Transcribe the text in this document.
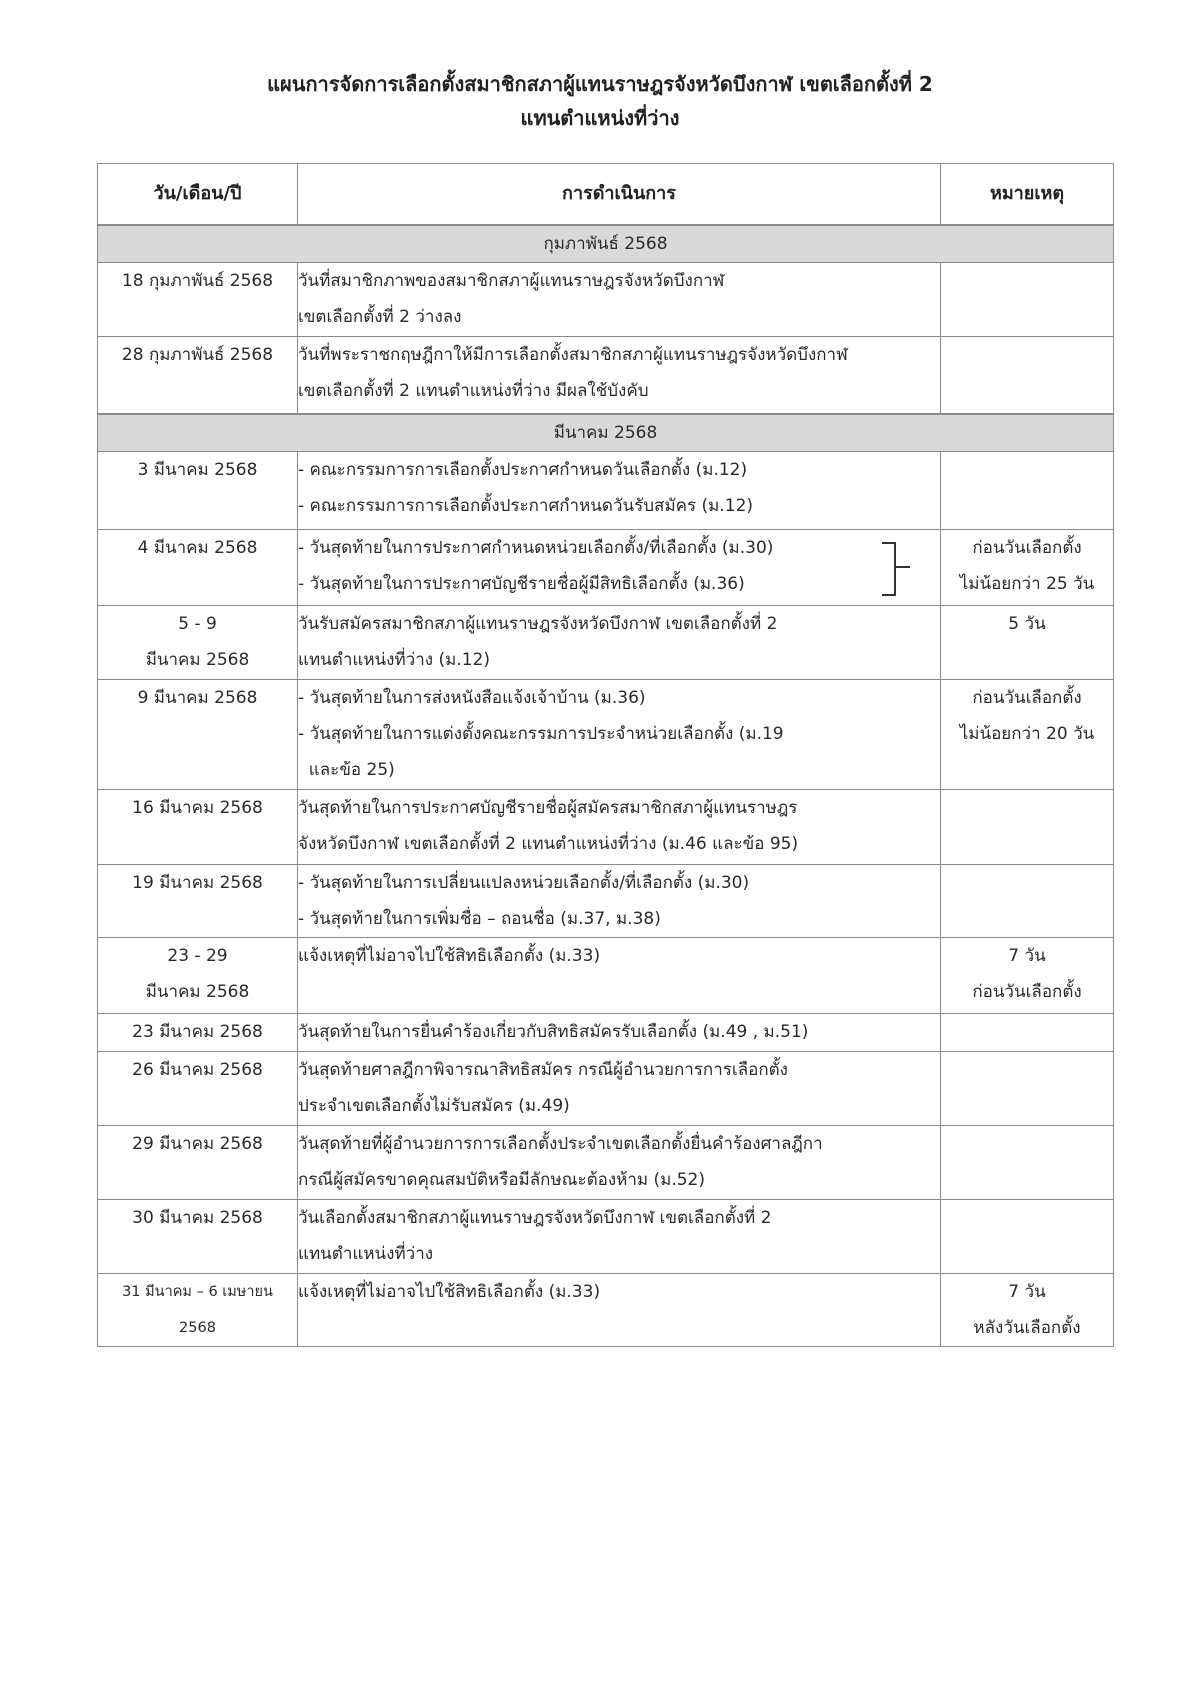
แผนการจัดการเลือกตั้งสมาชิกสภาผู้แทนราษฎรจังหวัดบึงกาฬ เขตเลือกตั้งที่ 2
แทนตำแหน่งที่ว่าง
วัน/เดือน/ปี	การดำเนินการ	หมายเหตุ
กุมภาพันธ์ 2568		

18 กุมภาพันธ์ 2568	วันที่สมาชิกภาพของสมาชิกสภาผู้แทนราษฎรจังหวัดบึงกาฬ
เขตเลือกตั้งที่ 2 ว่างลง	

28 กุมภาพันธ์ 2568	วันที่พระราชกฤษฎีกาให้มีการเลือกตั้งสมาชิกสภาผู้แทนราษฎรจังหวัดบึงกาฬ
เขตเลือกตั้งที่ 2 แทนตำแหน่งที่ว่าง มีผลใช้บังคับ	

มีนาคม 2568		

3 มีนาคม 2568	- คณะกรรมการการเลือกตั้งประกาศกำหนดวันเลือกตั้ง (ม.12)
- คณะกรรมการการเลือกตั้งประกาศกำหนดวันรับสมัคร (ม.12)	

4 มีนาคม 2568	- วันสุดท้ายในการประกาศกำหนดหน่วยเลือกตั้ง/ที่เลือกตั้ง (ม.30)
- วันสุดท้ายในการประกาศบัญชีรายชื่อผู้มีสิทธิเลือกตั้ง (ม.36)	ก่อนวันเลือกตั้ง
ไม่น้อยกว่า 25 วัน

5 - 9
มีนาคม 2568	วันรับสมัครสมาชิกสภาผู้แทนราษฎรจังหวัดบึงกาฬ เขตเลือกตั้งที่ 2
แทนตำแหน่งที่ว่าง (ม.12)	5 วัน

9 มีนาคม 2568	- วันสุดท้ายในการส่งหนังสือแจ้งเจ้าบ้าน (ม.36)
- วันสุดท้ายในการแต่งตั้งคณะกรรมการประจำหน่วยเลือกตั้ง (ม.19
และข้อ 25)	ก่อนวันเลือกตั้ง
ไม่น้อยกว่า 20 วัน

16 มีนาคม 2568	วันสุดท้ายในการประกาศบัญชีรายชื่อผู้สมัครสมาชิกสภาผู้แทนราษฎร
จังหวัดบึงกาฬ เขตเลือกตั้งที่ 2 แทนตำแหน่งที่ว่าง (ม.46 และข้อ 95)	

19 มีนาคม 2568	- วันสุดท้ายในการเปลี่ยนแปลงหน่วยเลือกตั้ง/ที่เลือกตั้ง (ม.30)
- วันสุดท้ายในการเพิ่มชื่อ – ถอนชื่อ (ม.37, ม.38)	

23 - 29
มีนาคม 2568	แจ้งเหตุที่ไม่อาจไปใช้สิทธิเลือกตั้ง (ม.33)	7 วัน
ก่อนวันเลือกตั้ง

23 มีนาคม 2568	วันสุดท้ายในการยื่นคำร้องเกี่ยวกับสิทธิสมัครรับเลือกตั้ง (ม.49 , ม.51)	

26 มีนาคม 2568	วันสุดท้ายศาลฎีกาพิจารณาสิทธิสมัคร กรณีผู้อำนวยการการเลือกตั้ง
ประจำเขตเลือกตั้งไม่รับสมัคร (ม.49)	

29 มีนาคม 2568	วันสุดท้ายที่ผู้อำนวยการการเลือกตั้งประจำเขตเลือกตั้งยื่นคำร้องศาลฎีกา
กรณีผู้สมัครขาดคุณสมบัติหรือมีลักษณะต้องห้าม (ม.52)	

30 มีนาคม 2568	วันเลือกตั้งสมาชิกสภาผู้แทนราษฎรจังหวัดบึงกาฬ เขตเลือกตั้งที่ 2
แทนตำแหน่งที่ว่าง	

31 มีนาคม – 6 เมษายน
2568	แจ้งเหตุที่ไม่อาจไปใช้สิทธิเลือกตั้ง (ม.33)	7 วัน
หลังวันเลือกตั้ง
